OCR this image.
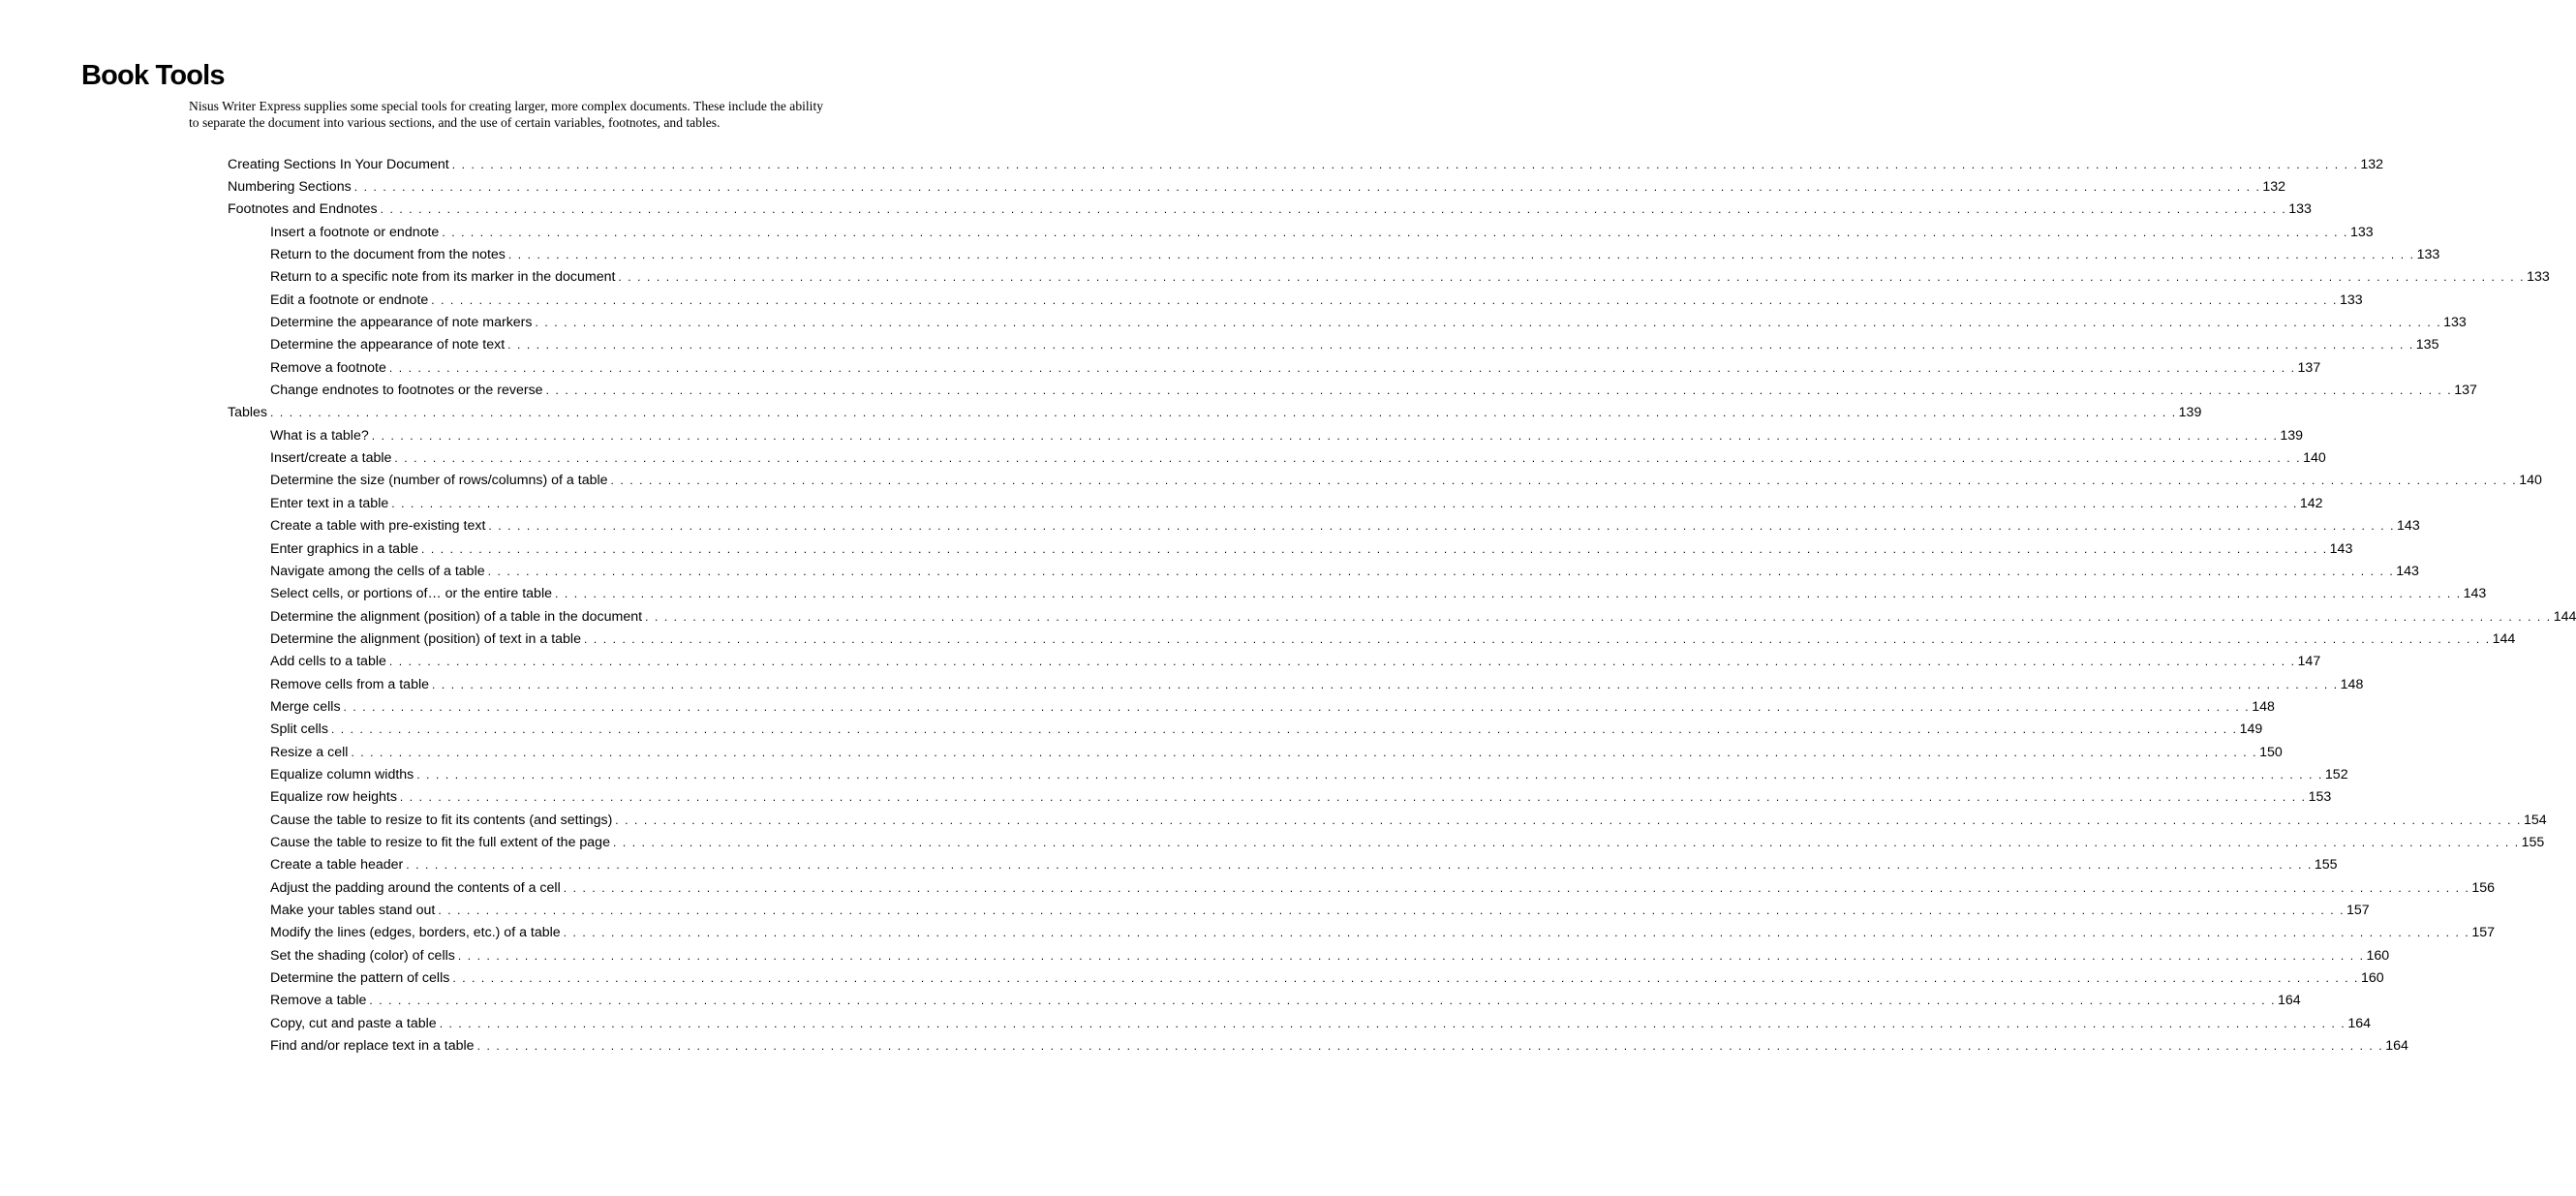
Book Tools

Nisus Writer Express supplies some special tools for creating larger, more complex documents. These include the ability to separate the document into various sections, and the use of certain variables, footnotes, and tables.

Creating Sections In Your Document . . . . . . . . . . . . . . . . . . . . . . . . . . . . . . . . . . . . . . . . . . . . . . . . . . . . . . . . . . . . . . . . . . . . . . . . . . . . . . . . . . . . . . . . . . . . . . . . . . . . . . . . . . . . . . . . . . . . . . . . . . . . . . . . . . . . . . . . . . . . . . . . . . . . . . . . . . . . . . . . . . . . . . . . . . . . . . . . . . . . . . . . . . . . . . . . . . . . . . . . 132
Numbering Sections . . . . . . . . . . . . . . . . . . . . . . . . . . . . . . . . . . . . . . . . . . . . . . . . . . . . . . . . . . . . . . . . . . . . . . . . . . . . . . . . . . . . . . . . . . . . . . . . . . . . . . . . . . . . . . . . . . . . . . . . . . . . . . . . . . . . . . . . . . . . . . . . . . . . . . . . . . . . . . . . . . . . . . . . . . . . . . . . . . . . . . . . . . . . . . . . . . . . . . . . 132
Footnotes and Endnotes . . . . . . . . . . . . . . . . . . . . . . . . . . . . . . . . . . . . . . . . . . . . . . . . . . . . . . . . . . . . . . . . . . . . . . . . . . . . . . . . . . . . . . . . . . . . . . . . . . . . . . . . . . . . . . . . . . . . . . . . . . . . . . . . . . . . . . . . . . . . . . . . . . . . . . . . . . . . . . . . . . . . . . . . . . . . . . . . . . . . . . . . . . . . . . . . . . . . . . . . 133
Insert a footnote or endnote . . . . . . . . . . . . . . . . . . . . . . . . . . . . . . . . . . . . . . . . . . . . . . . . . . . . . . . . . . . . . . . . . . . . . . . . . . . . . . . . . . . . . . . . . . . . . . . . . . . . . . . . . . . . . . . . . . . . . . . . . . . . . . . . . . . . . . . . . . . . . . . . . . . . . . . . . . . . . . . . . . . . . . . . . . . . . . . . . . . . . . . . . . . . . . . . . . . . . . . . 133
Return to the document from the notes . . . . . . . . . . . . . . . . . . . . . . . . . . . . . . . . . . . . . . . . . . . . . . . . . . . . . . . . . . . . . . . . . . . . . . . . . . . . . . . . . . . . . . . . . . . . . . . . . . . . . . . . . . . . . . . . . . . . . . . . . . . . . . . . . . . . . . . . . . . . . . . . . . . . . . . . . . . . . . . . . . . . . . . . . . . . . . . . . . . . . . . . . . . . . . . . . . . . . . . . 133
Return to a specific note from its marker in the document . . . . . . . . . . . . . . . . . . . . . . . . . . . . . . . . . . . . . . . . . . . . . . . . . . . . . . . . . . . . . . . . . . . . . . . . . . . . . . . . . . . . . . . . . . . . . . . . . . . . . . . . . . . . . . . . . . . . . . . . . . . . . . . . . . . . . . . . . . . . . . . . . . . . . . . . . . . . . . . . . . . . . . . . . . . . . . . . . . . . . . . . . . . . . . . . . . . . . . . . 133
Edit a footnote or endnote . . . . . . . . . . . . . . . . . . . . . . . . . . . . . . . . . . . . . . . . . . . . . . . . . . . . . . . . . . . . . . . . . . . . . . . . . . . . . . . . . . . . . . . . . . . . . . . . . . . . . . . . . . . . . . . . . . . . . . . . . . . . . . . . . . . . . . . . . . . . . . . . . . . . . . . . . . . . . . . . . . . . . . . . . . . . . . . . . . . . . . . . . . . . . . . . . . . . . . . . 133
Determine the appearance of note markers . . . . . . . . . . . . . . . . . . . . . . . . . . . . . . . . . . . . . . . . . . . . . . . . . . . . . . . . . . . . . . . . . . . . . . . . . . . . . . . . . . . . . . . . . . . . . . . . . . . . . . . . . . . . . . . . . . . . . . . . . . . . . . . . . . . . . . . . . . . . . . . . . . . . . . . . . . . . . . . . . . . . . . . . . . . . . . . . . . . . . . . . . . . . . . . . . . . . . . . . 133
Determine the appearance of note text . . . . . . . . . . . . . . . . . . . . . . . . . . . . . . . . . . . . . . . . . . . . . . . . . . . . . . . . . . . . . . . . . . . . . . . . . . . . . . . . . . . . . . . . . . . . . . . . . . . . . . . . . . . . . . . . . . . . . . . . . . . . . . . . . . . . . . . . . . . . . . . . . . . . . . . . . . . . . . . . . . . . . . . . . . . . . . . . . . . . . . . . . . . . . . . . . . . . . . . . 135
Remove a footnote . . . . . . . . . . . . . . . . . . . . . . . . . . . . . . . . . . . . . . . . . . . . . . . . . . . . . . . . . . . . . . . . . . . . . . . . . . . . . . . . . . . . . . . . . . . . . . . . . . . . . . . . . . . . . . . . . . . . . . . . . . . . . . . . . . . . . . . . . . . . . . . . . . . . . . . . . . . . . . . . . . . . . . . . . . . . . . . . . . . . . . . . . . . . . . . . . . . . . . . . 137
Change endnotes to footnotes or the reverse . . . . . . . . . . . . . . . . . . . . . . . . . . . . . . . . . . . . . . . . . . . . . . . . . . . . . . . . . . . . . . . . . . . . . . . . . . . . . . . . . . . . . . . . . . . . . . . . . . . . . . . . . . . . . . . . . . . . . . . . . . . . . . . . . . . . . . . . . . . . . . . . . . . . . . . . . . . . . . . . . . . . . . . . . . . . . . . . . . . . . . . . . . . . . . . . . . . . . . . . 137
Tables . . . . . . . . . . . . . . . . . . . . . . . . . . . . . . . . . . . . . . . . . . . . . . . . . . . . . . . . . . . . . . . . . . . . . . . . . . . . . . . . . . . . . . . . . . . . . . . . . . . . . . . . . . . . . . . . . . . . . . . . . . . . . . . . . . . . . . . . . . . . . . . . . . . . . . . . . . . . . . . . . . . . . . . . . . . . . . . . . . . . . . . . . . . . . . . . . . . . . . . . 139
What is a table? . . . . . . . . . . . . . . . . . . . . . . . . . . . . . . . . . . . . . . . . . . . . . . . . . . . . . . . . . . . . . . . . . . . . . . . . . . . . . . . . . . . . . . . . . . . . . . . . . . . . . . . . . . . . . . . . . . . . . . . . . . . . . . . . . . . . . . . . . . . . . . . . . . . . . . . . . . . . . . . . . . . . . . . . . . . . . . . . . . . . . . . . . . . . . . . . . . . . . . . . 139
Insert/create a table . . . . . . . . . . . . . . . . . . . . . . . . . . . . . . . . . . . . . . . . . . . . . . . . . . . . . . . . . . . . . . . . . . . . . . . . . . . . . . . . . . . . . . . . . . . . . . . . . . . . . . . . . . . . . . . . . . . . . . . . . . . . . . . . . . . . . . . . . . . . . . . . . . . . . . . . . . . . . . . . . . . . . . . . . . . . . . . . . . . . . . . . . . . . . . . . . . . . . . . . 140
Determine the size (number of rows/columns) of a table . . . . . . . . . . . . . . . . . . . . . . . . . . . . . . . . . . . . . . . . . . . . . . . . . . . . . . . . . . . . . . . . . . . . . . . . . . . . . . . . . . . . . . . . . . . . . . . . . . . . . . . . . . . . . . . . . . . . . . . . . . . . . . . . . . . . . . . . . . . . . . . . . . . . . . . . . . . . . . . . . . . . . . . . . . . . . . . . . . . . . . . . . . . . . . . . . . . . . . . . 140
Enter text in a table . . . . . . . . . . . . . . . . . . . . . . . . . . . . . . . . . . . . . . . . . . . . . . . . . . . . . . . . . . . . . . . . . . . . . . . . . . . . . . . . . . . . . . . . . . . . . . . . . . . . . . . . . . . . . . . . . . . . . . . . . . . . . . . . . . . . . . . . . . . . . . . . . . . . . . . . . . . . . . . . . . . . . . . . . . . . . . . . . . . . . . . . . . . . . . . . . . . . . . . . 142
Create a table with pre-existing text . . . . . . . . . . . . . . . . . . . . . . . . . . . . . . . . . . . . . . . . . . . . . . . . . . . . . . . . . . . . . . . . . . . . . . . . . . . . . . . . . . . . . . . . . . . . . . . . . . . . . . . . . . . . . . . . . . . . . . . . . . . . . . . . . . . . . . . . . . . . . . . . . . . . . . . . . . . . . . . . . . . . . . . . . . . . . . . . . . . . . . . . . . . . . . . . . . . . . . . . 143
Enter graphics in a table . . . . . . . . . . . . . . . . . . . . . . . . . . . . . . . . . . . . . . . . . . . . . . . . . . . . . . . . . . . . . . . . . . . . . . . . . . . . . . . . . . . . . . . . . . . . . . . . . . . . . . . . . . . . . . . . . . . . . . . . . . . . . . . . . . . . . . . . . . . . . . . . . . . . . . . . . . . . . . . . . . . . . . . . . . . . . . . . . . . . . . . . . . . . . . . . . . . . . . . . 143
Navigate among the cells of a table . . . . . . . . . . . . . . . . . . . . . . . . . . . . . . . . . . . . . . . . . . . . . . . . . . . . . . . . . . . . . . . . . . . . . . . . . . . . . . . . . . . . . . . . . . . . . . . . . . . . . . . . . . . . . . . . . . . . . . . . . . . . . . . . . . . . . . . . . . . . . . . . . . . . . . . . . . . . . . . . . . . . . . . . . . . . . . . . . . . . . . . . . . . . . . . . . . . . . . . . 143
Select cells, or portions of… or the entire table . . . . . . . . . . . . . . . . . . . . . . . . . . . . . . . . . . . . . . . . . . . . . . . . . . . . . . . . . . . . . . . . . . . . . . . . . . . . . . . . . . . . . . . . . . . . . . . . . . . . . . . . . . . . . . . . . . . . . . . . . . . . . . . . . . . . . . . . . . . . . . . . . . . . . . . . . . . . . . . . . . . . . . . . . . . . . . . . . . . . . . . . . . . . . . . . . . . . . . . . 143
Determine the alignment (position) of a table in the document . . . . . . . . . . . . . . . . . . . . . . . . . . . . . . . . . . . . . . . . . . . . . . . . . . . . . . . . . . . . . . . . . . . . . . . . . . . . . . . . . . . . . . . . . . . . . . . . . . . . . . . . . . . . . . . . . . . . . . . . . . . . . . . . . . . . . . . . . . . . . . . . . . . . . . . . . . . . . . . . . . . . . . . . . . . . . . . . . . . . . . . . . . . . . . . . . . . . . . . . 144
Determine the alignment (position) of text in a table . . . . . . . . . . . . . . . . . . . . . . . . . . . . . . . . . . . . . . . . . . . . . . . . . . . . . . . . . . . . . . . . . . . . . . . . . . . . . . . . . . . . . . . . . . . . . . . . . . . . . . . . . . . . . . . . . . . . . . . . . . . . . . . . . . . . . . . . . . . . . . . . . . . . . . . . . . . . . . . . . . . . . . . . . . . . . . . . . . . . . . . . . . . . . . . . . . . . . . . . 144
Add cells to a table . . . . . . . . . . . . . . . . . . . . . . . . . . . . . . . . . . . . . . . . . . . . . . . . . . . . . . . . . . . . . . . . . . . . . . . . . . . . . . . . . . . . . . . . . . . . . . . . . . . . . . . . . . . . . . . . . . . . . . . . . . . . . . . . . . . . . . . . . . . . . . . . . . . . . . . . . . . . . . . . . . . . . . . . . . . . . . . . . . . . . . . . . . . . . . . . . . . . . . . . 147
Remove cells from a table . . . . . . . . . . . . . . . . . . . . . . . . . . . . . . . . . . . . . . . . . . . . . . . . . . . . . . . . . . . . . . . . . . . . . . . . . . . . . . . . . . . . . . . . . . . . . . . . . . . . . . . . . . . . . . . . . . . . . . . . . . . . . . . . . . . . . . . . . . . . . . . . . . . . . . . . . . . . . . . . . . . . . . . . . . . . . . . . . . . . . . . . . . . . . . . . . . . . . . . . 148
Merge cells . . . . . . . . . . . . . . . . . . . . . . . . . . . . . . . . . . . . . . . . . . . . . . . . . . . . . . . . . . . . . . . . . . . . . . . . . . . . . . . . . . . . . . . . . . . . . . . . . . . . . . . . . . . . . . . . . . . . . . . . . . . . . . . . . . . . . . . . . . . . . . . . . . . . . . . . . . . . . . . . . . . . . . . . . . . . . . . . . . . . . . . . . . . . . . . . . . . . . . . . 148
Split cells . . . . . . . . . . . . . . . . . . . . . . . . . . . . . . . . . . . . . . . . . . . . . . . . . . . . . . . . . . . . . . . . . . . . . . . . . . . . . . . . . . . . . . . . . . . . . . . . . . . . . . . . . . . . . . . . . . . . . . . . . . . . . . . . . . . . . . . . . . . . . . . . . . . . . . . . . . . . . . . . . . . . . . . . . . . . . . . . . . . . . . . . . . . . . . . . . . . . . . . . 149
Resize a cell . . . . . . . . . . . . . . . . . . . . . . . . . . . . . . . . . . . . . . . . . . . . . . . . . . . . . . . . . . . . . . . . . . . . . . . . . . . . . . . . . . . . . . . . . . . . . . . . . . . . . . . . . . . . . . . . . . . . . . . . . . . . . . . . . . . . . . . . . . . . . . . . . . . . . . . . . . . . . . . . . . . . . . . . . . . . . . . . . . . . . . . . . . . . . . . . . . . . . . . . 150
Equalize column widths . . . . . . . . . . . . . . . . . . . . . . . . . . . . . . . . . . . . . . . . . . . . . . . . . . . . . . . . . . . . . . . . . . . . . . . . . . . . . . . . . . . . . . . . . . . . . . . . . . . . . . . . . . . . . . . . . . . . . . . . . . . . . . . . . . . . . . . . . . . . . . . . . . . . . . . . . . . . . . . . . . . . . . . . . . . . . . . . . . . . . . . . . . . . . . . . . . . . . . . . 152
Equalize row heights . . . . . . . . . . . . . . . . . . . . . . . . . . . . . . . . . . . . . . . . . . . . . . . . . . . . . . . . . . . . . . . . . . . . . . . . . . . . . . . . . . . . . . . . . . . . . . . . . . . . . . . . . . . . . . . . . . . . . . . . . . . . . . . . . . . . . . . . . . . . . . . . . . . . . . . . . . . . . . . . . . . . . . . . . . . . . . . . . . . . . . . . . . . . . . . . . . . . . . . . 153
Cause the table to resize to fit its contents (and settings) . . . . . . . . . . . . . . . . . . . . . . . . . . . . . . . . . . . . . . . . . . . . . . . . . . . . . . . . . . . . . . . . . . . . . . . . . . . . . . . . . . . . . . . . . . . . . . . . . . . . . . . . . . . . . . . . . . . . . . . . . . . . . . . . . . . . . . . . . . . . . . . . . . . . . . . . . . . . . . . . . . . . . . . . . . . . . . . . . . . . . . . . . . . . . . . . . . . . . . . . 154
Cause the table to resize to fit the full extent of the page . . . . . . . . . . . . . . . . . . . . . . . . . . . . . . . . . . . . . . . . . . . . . . . . . . . . . . . . . . . . . . . . . . . . . . . . . . . . . . . . . . . . . . . . . . . . . . . . . . . . . . . . . . . . . . . . . . . . . . . . . . . . . . . . . . . . . . . . . . . . . . . . . . . . . . . . . . . . . . . . . . . . . . . . . . . . . . . . . . . . . . . . . . . . . . . . . . . . . . . . 155
Create a table header . . . . . . . . . . . . . . . . . . . . . . . . . . . . . . . . . . . . . . . . . . . . . . . . . . . . . . . . . . . . . . . . . . . . . . . . . . . . . . . . . . . . . . . . . . . . . . . . . . . . . . . . . . . . . . . . . . . . . . . . . . . . . . . . . . . . . . . . . . . . . . . . . . . . . . . . . . . . . . . . . . . . . . . . . . . . . . . . . . . . . . . . . . . . . . . . . . . . . . . . 155
Adjust the padding around the contents of a cell . . . . . . . . . . . . . . . . . . . . . . . . . . . . . . . . . . . . . . . . . . . . . . . . . . . . . . . . . . . . . . . . . . . . . . . . . . . . . . . . . . . . . . . . . . . . . . . . . . . . . . . . . . . . . . . . . . . . . . . . . . . . . . . . . . . . . . . . . . . . . . . . . . . . . . . . . . . . . . . . . . . . . . . . . . . . . . . . . . . . . . . . . . . . . . . . . . . . . . . . 156
Make your tables stand out . . . . . . . . . . . . . . . . . . . . . . . . . . . . . . . . . . . . . . . . . . . . . . . . . . . . . . . . . . . . . . . . . . . . . . . . . . . . . . . . . . . . . . . . . . . . . . . . . . . . . . . . . . . . . . . . . . . . . . . . . . . . . . . . . . . . . . . . . . . . . . . . . . . . . . . . . . . . . . . . . . . . . . . . . . . . . . . . . . . . . . . . . . . . . . . . . . . . . . . . 157
Modify the lines (edges, borders, etc.) of a table . . . . . . . . . . . . . . . . . . . . . . . . . . . . . . . . . . . . . . . . . . . . . . . . . . . . . . . . . . . . . . . . . . . . . . . . . . . . . . . . . . . . . . . . . . . . . . . . . . . . . . . . . . . . . . . . . . . . . . . . . . . . . . . . . . . . . . . . . . . . . . . . . . . . . . . . . . . . . . . . . . . . . . . . . . . . . . . . . . . . . . . . . . . . . . . . . . . . . . . . 157
Set the shading (color) of cells . . . . . . . . . . . . . . . . . . . . . . . . . . . . . . . . . . . . . . . . . . . . . . . . . . . . . . . . . . . . . . . . . . . . . . . . . . . . . . . . . . . . . . . . . . . . . . . . . . . . . . . . . . . . . . . . . . . . . . . . . . . . . . . . . . . . . . . . . . . . . . . . . . . . . . . . . . . . . . . . . . . . . . . . . . . . . . . . . . . . . . . . . . . . . . . . . . . . . . . . 160
Determine the pattern of cells . . . . . . . . . . . . . . . . . . . . . . . . . . . . . . . . . . . . . . . . . . . . . . . . . . . . . . . . . . . . . . . . . . . . . . . . . . . . . . . . . . . . . . . . . . . . . . . . . . . . . . . . . . . . . . . . . . . . . . . . . . . . . . . . . . . . . . . . . . . . . . . . . . . . . . . . . . . . . . . . . . . . . . . . . . . . . . . . . . . . . . . . . . . . . . . . . . . . . . . . 160
Remove a table . . . . . . . . . . . . . . . . . . . . . . . . . . . . . . . . . . . . . . . . . . . . . . . . . . . . . . . . . . . . . . . . . . . . . . . . . . . . . . . . . . . . . . . . . . . . . . . . . . . . . . . . . . . . . . . . . . . . . . . . . . . . . . . . . . . . . . . . . . . . . . . . . . . . . . . . . . . . . . . . . . . . . . . . . . . . . . . . . . . . . . . . . . . . . . . . . . . . . . . . 164
Copy, cut and paste a table . . . . . . . . . . . . . . . . . . . . . . . . . . . . . . . . . . . . . . . . . . . . . . . . . . . . . . . . . . . . . . . . . . . . . . . . . . . . . . . . . . . . . . . . . . . . . . . . . . . . . . . . . . . . . . . . . . . . . . . . . . . . . . . . . . . . . . . . . . . . . . . . . . . . . . . . . . . . . . . . . . . . . . . . . . . . . . . . . . . . . . . . . . . . . . . . . . . . . . . . 164
Find and/or replace text in a table . . . . . . . . . . . . . . . . . . . . . . . . . . . . . . . . . . . . . . . . . . . . . . . . . . . . . . . . . . . . . . . . . . . . . . . . . . . . . . . . . . . . . . . . . . . . . . . . . . . . . . . . . . . . . . . . . . . . . . . . . . . . . . . . . . . . . . . . . . . . . . . . . . . . . . . . . . . . . . . . . . . . . . . . . . . . . . . . . . . . . . . . . . . . . . . . . . . . . . . . 164
